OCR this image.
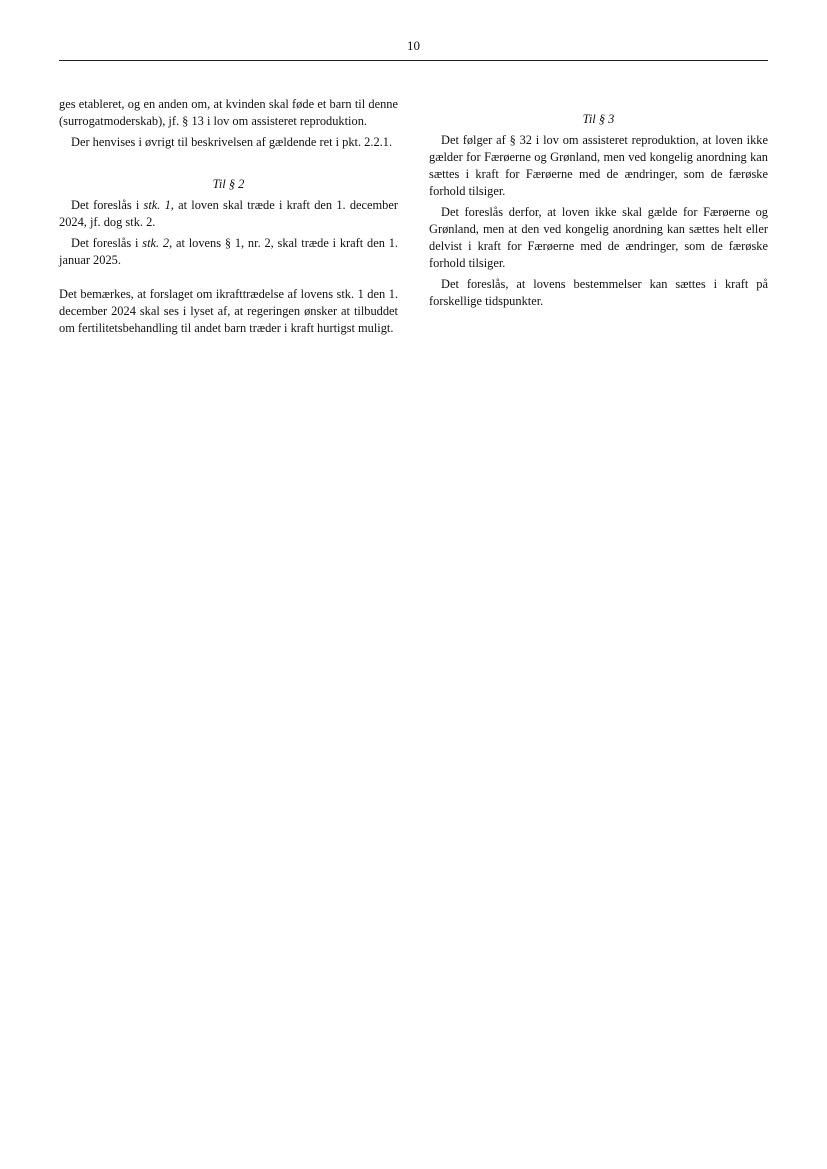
10

ges etableret, og en anden om, at kvinden skal føde et barn til denne (surrogatmoderskab), jf. § 13 i lov om assisteret reproduktion.

Der henvises i øvrigt til beskrivelsen af gældende ret i pkt. 2.2.1.

Til § 2

Det foreslås i stk. 1, at loven skal træde i kraft den 1. december 2024, jf. dog stk. 2.

Det foreslås i stk. 2, at lovens § 1, nr. 2, skal træde i kraft den 1. januar 2025.

Det bemærkes, at forslaget om ikrafttrædelse af lovens stk. 1 den 1. december 2024 skal ses i lyset af, at regeringen ønsker at tilbuddet om fertilitetsbehandling til andet barn træder i kraft hurtigst muligt.

Til § 3

Det følger af § 32 i lov om assisteret reproduktion, at loven ikke gælder for Færøerne og Grønland, men ved kongelig anordning kan sættes i kraft for Færøerne med de ændringer, som de færøske forhold tilsiger.

Det foreslås derfor, at loven ikke skal gælde for Færøerne og Grønland, men at den ved kongelig anordning kan sættes helt eller delvist i kraft for Færøerne med de ændringer, som de færøske forhold tilsiger.

Det foreslås, at lovens bestemmelser kan sættes i kraft på forskellige tidspunkter.
